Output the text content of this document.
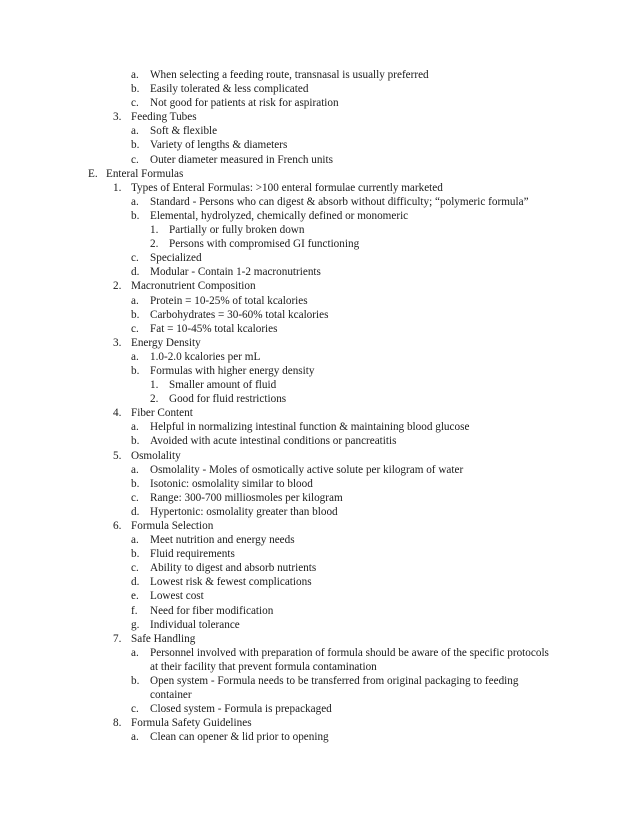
a. When selecting a feeding route, transnasal is usually preferred
b. Easily tolerated & less complicated
c. Not good for patients at risk for aspiration
3. Feeding Tubes
a. Soft & flexible
b. Variety of lengths & diameters
c. Outer diameter measured in French units
E. Enteral Formulas
1. Types of Enteral Formulas: >100 enteral formulae currently marketed
a. Standard - Persons who can digest & absorb without difficulty; “polymeric formula”
b. Elemental, hydrolyzed, chemically defined or monomeric
1. Partially or fully broken down
2. Persons with compromised GI functioning
c. Specialized
d. Modular - Contain 1-2 macronutrients
2. Macronutrient Composition
a. Protein = 10-25% of total kcalories
b. Carbohydrates = 30-60% total kcalories
c. Fat = 10-45% total kcalories
3. Energy Density
a. 1.0-2.0 kcalories per mL
b. Formulas with higher energy density
1. Smaller amount of fluid
2. Good for fluid restrictions
4. Fiber Content
a. Helpful in normalizing intestinal function & maintaining blood glucose
b. Avoided with acute intestinal conditions or pancreatitis
5. Osmolality
a. Osmolality - Moles of osmotically active solute per kilogram of water
b. Isotonic: osmolality similar to blood
c. Range: 300-700 milliosmoles per kilogram
d. Hypertonic: osmolality greater than blood
6. Formula Selection
a. Meet nutrition and energy needs
b. Fluid requirements
c. Ability to digest and absorb nutrients
d. Lowest risk & fewest complications
e. Lowest cost
f. Need for fiber modification
g. Individual tolerance
7. Safe Handling
a. Personnel involved with preparation of formula should be aware of the specific protocols
at their facility that prevent formula contamination
b. Open system - Formula needs to be transferred from original packaging to feeding
container
c. Closed system - Formula is prepackaged
8. Formula Safety Guidelines
a. Clean can opener & lid prior to opening
